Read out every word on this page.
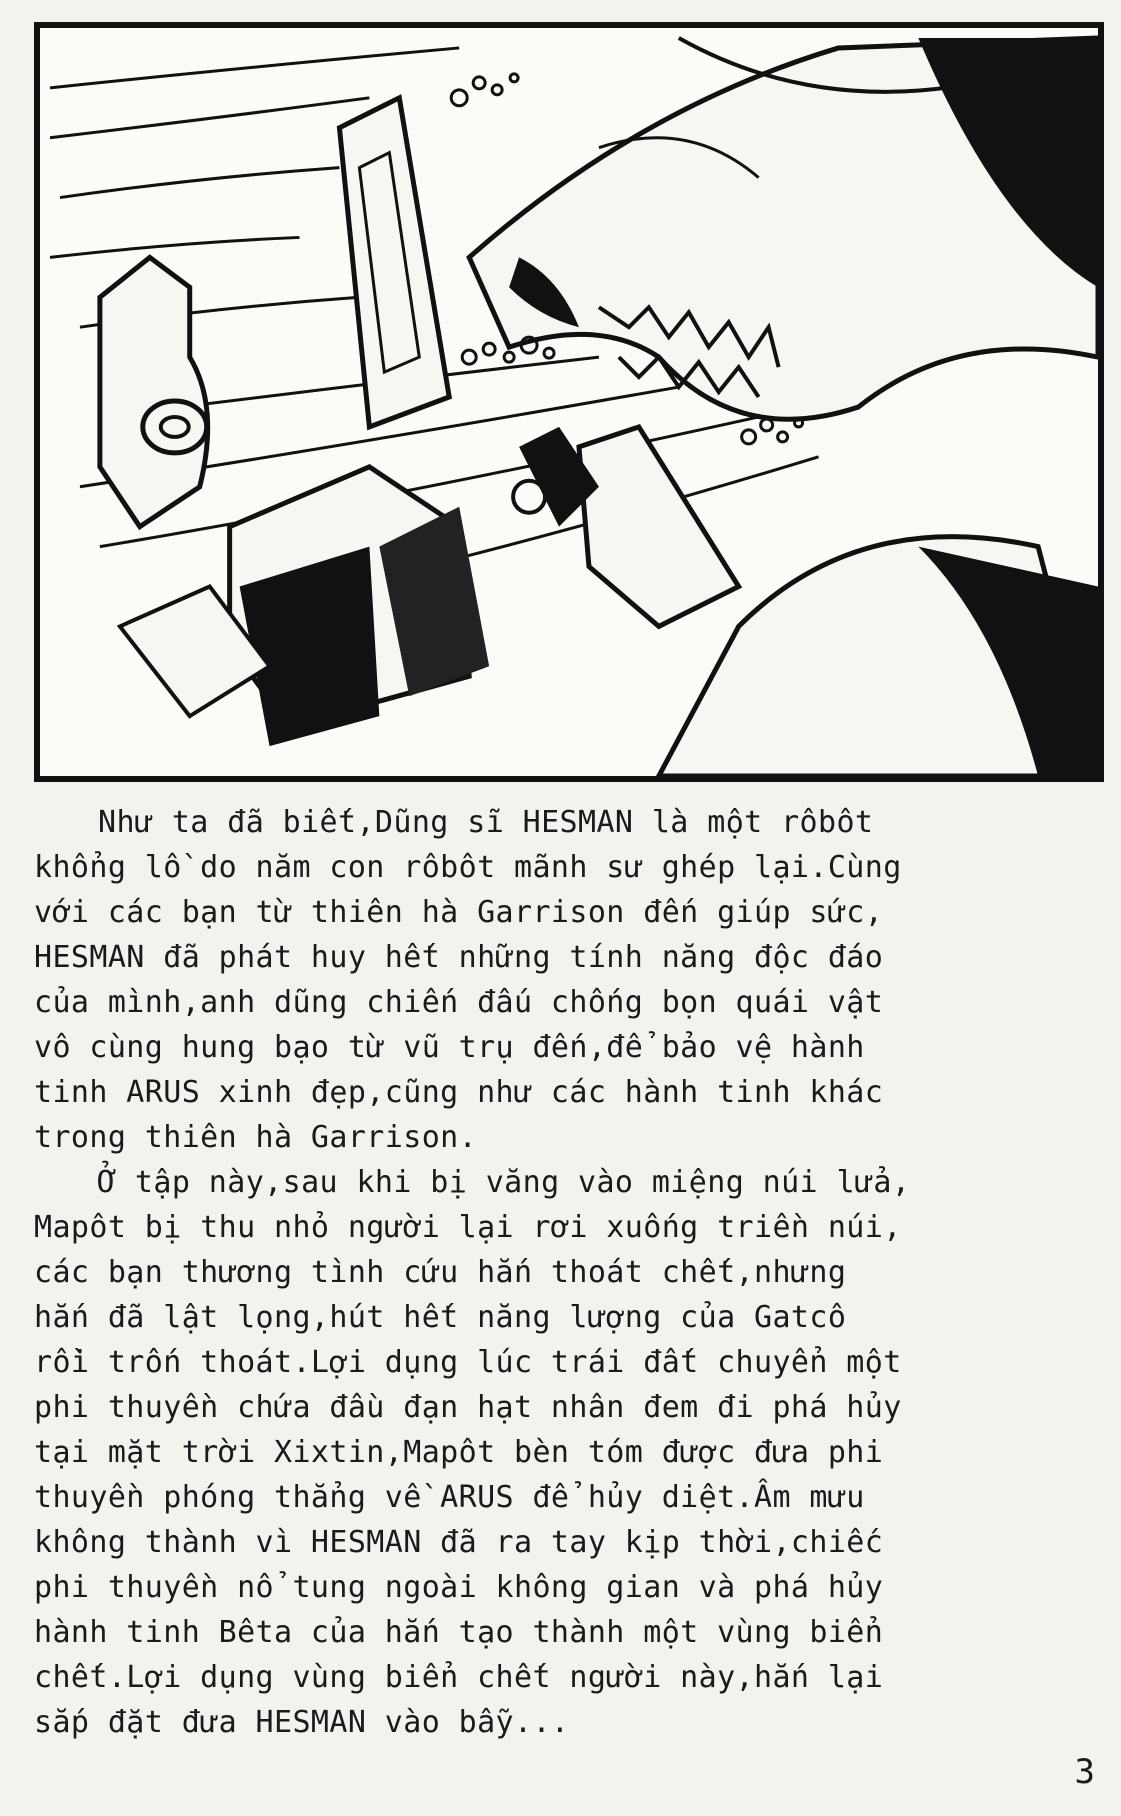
Như ta đã biết,Dũng sĩ HESMAN là một rôbôt
khổng lồ do năm con rôbôt mãnh sư ghép lại.Cùng
với các bạn từ thiên hà Garrison đến giúp sức,
HESMAN đã phát huy hết những tính năng độc đáo
của mình,anh dũng chiến đấu chống bọn quái vật
vô cùng hung bạo từ vũ trụ đến,để bảo vệ hành
tinh ARUS xinh đẹp,cũng như các hành tinh khác
trong thiên hà Garrison.

Ở tập này,sau khi bị văng vào miệng núi lửa,
Mapôt bị thu nhỏ người lại rơi xuống triền núi,
các bạn thương tình cứu hắn thoát chết,nhưng
hắn đã lật lọng,hút hết năng lượng của Gatcô
rồi trốn thoát.Lợi dụng lúc trái đất chuyển một
phi thuyền chứa đầu đạn hạt nhân đem đi phá hủy
tại mặt trời Xixtin,Mapôt bèn tóm được đưa phi
thuyền phóng thẳng về ARUS để hủy diệt.Âm mưu
không thành vì HESMAN đã ra tay kịp thời,chiếc
phi thuyền nổ tung ngoài không gian và phá hủy
hành tinh Bêta của hắn tạo thành một vùng biển
chết.Lợi dụng vùng biển chết người này,hắn lại
sắp đặt đưa HESMAN vào bẫy...

3
